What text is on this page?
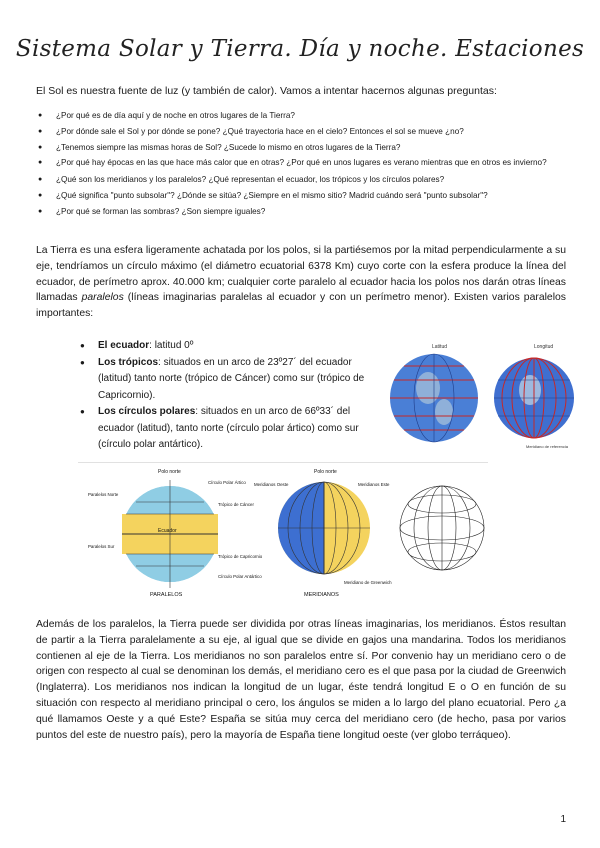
Sistema Solar y Tierra. Día y noche. Estaciones
El Sol es nuestra fuente de luz (y también de calor). Vamos a intentar hacernos algunas preguntas:
● ¿Por qué es de día aquí y de noche en otros lugares de la Tierra?
● ¿Por dónde sale el Sol y por dónde se pone? ¿Qué trayectoria hace en el cielo? Entonces el sol se mueve ¿no?
● ¿Tenemos siempre las mismas horas de Sol? ¿Sucede lo mismo en otros lugares de la Tierra?
● ¿Por qué hay épocas en las que hace más calor que en otras? ¿Por qué en unos lugares es verano mientras que en otros es invierno?
● ¿Qué son los meridianos y los paralelos? ¿Qué representan el ecuador, los trópicos y los círculos polares?
● ¿Qué significa "punto subsolar"? ¿Dónde se sitúa? ¿Siempre en el mismo sitio? Madrid cuándo será "punto subsolar"?
● ¿Por qué se forman las sombras? ¿Son siempre iguales?

La Tierra es una esfera ligeramente achatada por los polos, si la partiésemos por la mitad perpendicularmente a su eje, tendríamos un círculo máximo (el diámetro ecuatorial 6378 Km) cuyo corte con la esfera produce la línea del ecuador, de perímetro aprox. 40.000 km; cualquier corte paralelo al ecuador hacia los polos nos darán otras líneas llamadas paralelos (líneas imaginarias paralelas al ecuador y con un perímetro menor). Existen varios paralelos importantes:

● El ecuador: latitud 0º
● Los trópicos: situados en un arco de 23º27´ del ecuador (latitud) tanto norte (trópico de Cáncer) como sur (trópico de Capricornio).
● Los círculos polares: situados en un arco de 66º33´ del ecuador (latitud), tanto norte (círculo polar ártico) como sur (círculo polar antártico).
Latitud	Longitud
Meridiano de referencia
Polo norte
Paralelos Norte
Círculo Polar Ártico
Trópico de Cáncer
Ecuador
Trópico de Capricornio
Paralelos Sur
Círculo Polar Antártico
PARALELOS
Polo norte
Meridianos Oeste	Meridianos Este
Meridiano de Greenwich
MERIDIANOS

Además de los paralelos, la Tierra puede ser dividida por otras líneas imaginarias, los meridianos. Éstos resultan de partir a la Tierra paralelamente a su eje, al igual que se divide en gajos una mandarina. Todos los meridianos contienen al eje de la Tierra. Los meridianos no son paralelos entre sí. Por convenio hay un meridiano cero o de origen con respecto al cual se denominan los demás, el meridiano cero es el que pasa por la ciudad de Greenwich (Inglaterra). Los meridianos nos indican la longitud de un lugar, éste tendrá longitud E o O en función de su situación con respecto al meridiano principal o cero, los ángulos se miden a lo largo del plano ecuatorial. Pero ¿a qué llamamos Oeste y a qué Este? España se sitúa muy cerca del meridiano cero (de hecho, pasa por varios puntos del este de nuestro país), pero la mayoría de España tiene longitud oeste (ver globo terráqueo).

1
